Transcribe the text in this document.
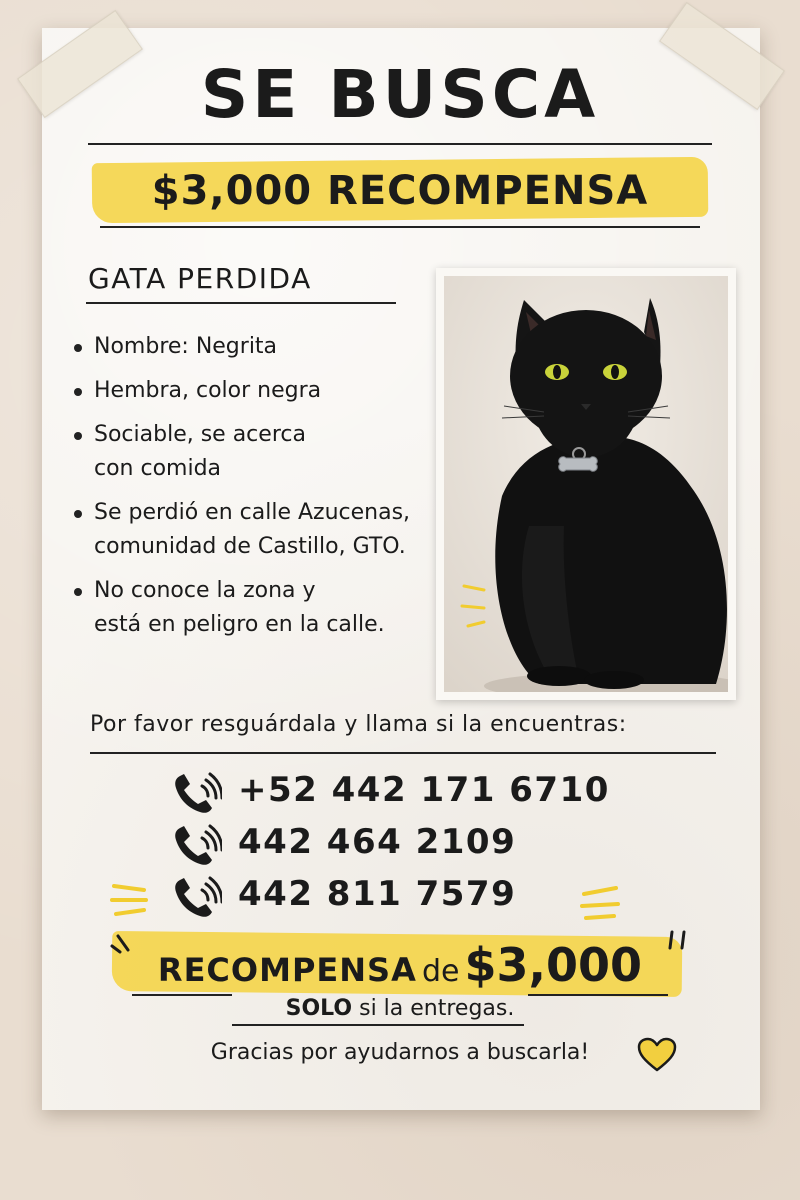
SE BUSCA
$3,000 RECOMPENSA
GATA PERDIDA
Nombre: Negrita
Hembra, color negra
Sociable, se acerca
con comida
Se perdió en calle Azucenas,
comunidad de Castillo, GTO.
No conoce la zona y
está en peligro en la calle.
Por favor resguárdala y llama si la encuentras:
+52 442 171 6710
442 464 2109
442 811 7579
RECOMPENSA de $3,000
SOLO si la entregas.
Gracias por ayudarnos a buscarla!
